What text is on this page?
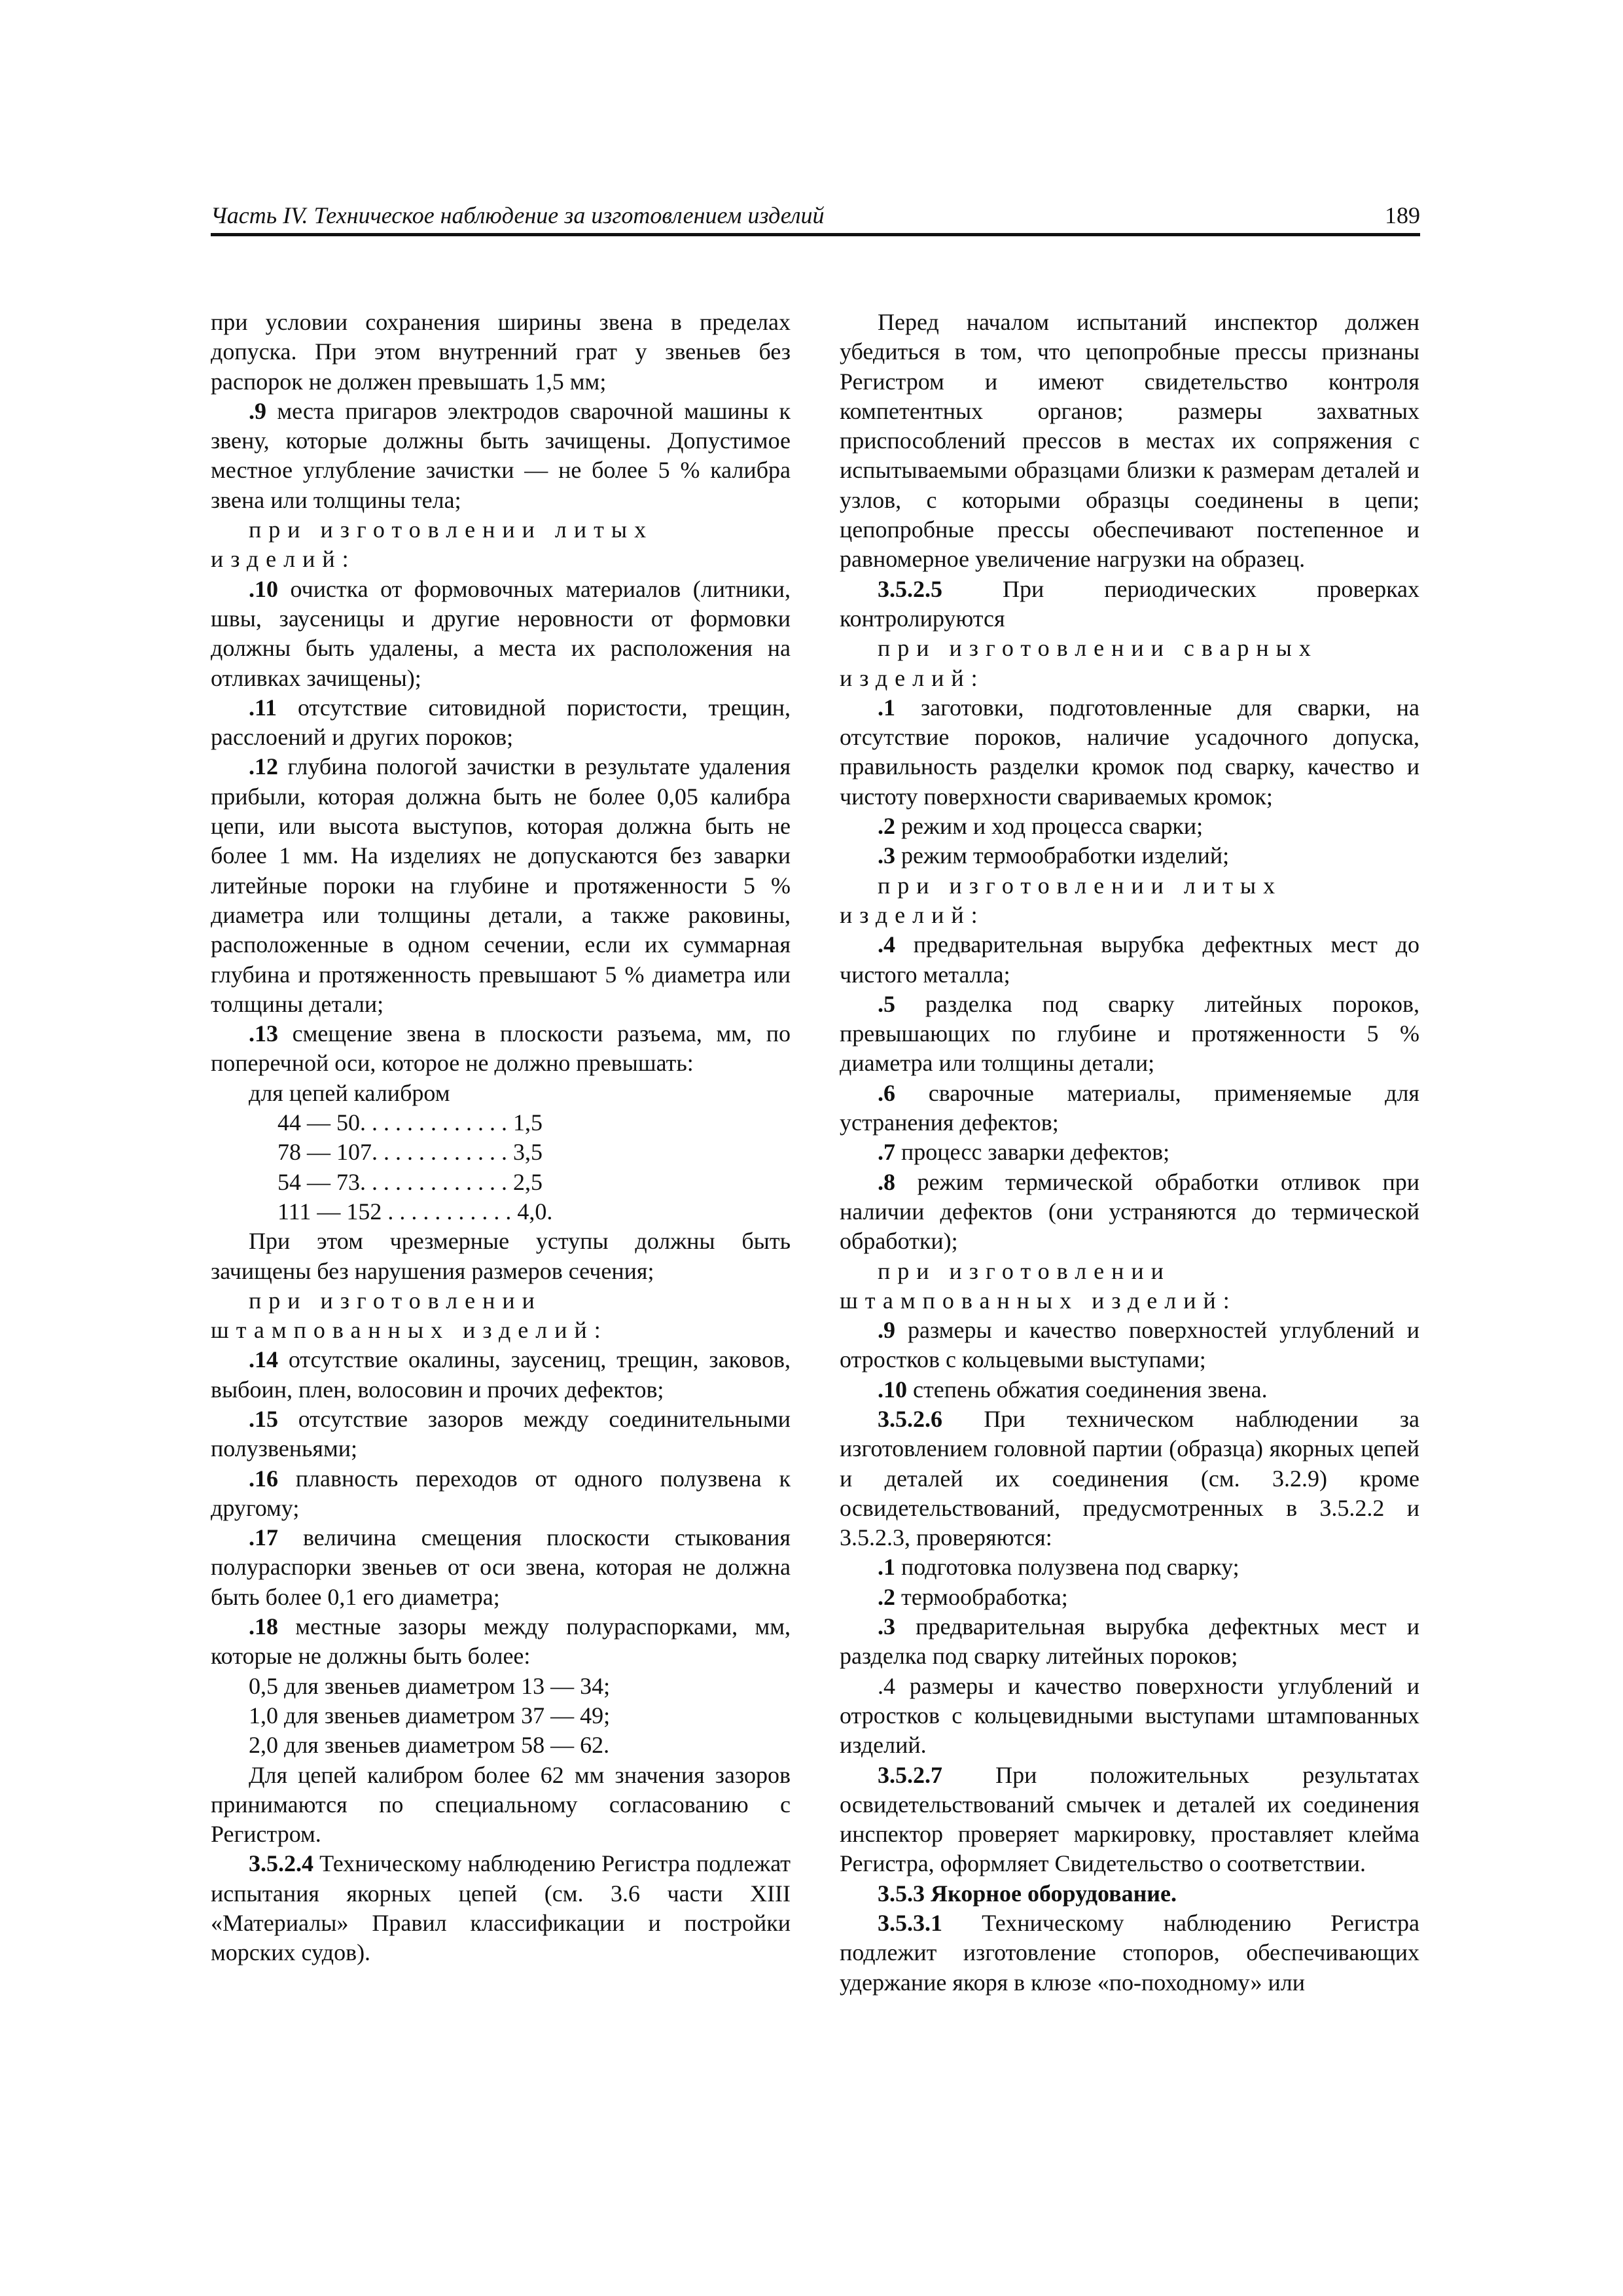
Часть IV. Техническое наблюдение за изготовлением изделий	189

при условии сохранения ширины звена в пределах допуска. При этом внутренний грат у звеньев без распорок не должен превышать 1,5 мм;

.9 места пригаров электродов сварочной машины к звену, которые должны быть зачищены. Допустимое местное углубление зачистки — не более 5 % калибра звена или толщины тела;

при изготовлении литых изделий:

.10 очистка от формовочных материалов (литники, швы, заусеницы и другие неровности от формовки должны быть удалены, а места их расположения на отливках зачищены);

.11 отсутствие ситовидной пористости, трещин, расслоений и других пороков;

.12 глубина пологой зачистки в результате удаления прибыли, которая должна быть не более 0,05 калибра цепи, или высота выступов, которая должна быть не более 1 мм. На изделиях не допускаются без заварки литейные пороки на глубине и протяженности 5 % диаметра или толщины детали, а также раковины, расположенные в одном сечении, если их суммарная глубина и протяженность превышают 5 % диаметра или толщины детали;

.13 смещение звена в плоскости разъема, мм, по поперечной оси, которое не должно превышать:

для цепей калибром

44 — 50. . . . . . . . . . . . . 1,5

78 — 107. . . . . . . . . . . . 3,5

54 — 73. . . . . . . . . . . . . 2,5

111 — 152 . . . . . . . . . . . 4,0.

При этом чрезмерные уступы должны быть зачищены без нарушения размеров сечения;

при изготовлении штампованных изделий:

.14 отсутствие окалины, заусениц, трещин, заковов, выбоин, плен, волосовин и прочих дефектов;

.15 отсутствие зазоров между соединительными полузвеньями;

.16 плавность переходов от одного полузвена к другому;

.17 величина смещения плоскости стыкования полураспорки звеньев от оси звена, которая не должна быть более 0,1 его диаметра;

.18 местные зазоры между полураспорками, мм, которые не должны быть более:

0,5 для звеньев диаметром 13 — 34;

1,0 для звеньев диаметром 37 — 49;

2,0 для звеньев диаметром 58 — 62.

Для цепей калибром более 62 мм значения зазоров принимаются по специальному согласованию с Регистром.

3.5.2.4 Техническому наблюдению Регистра подлежат испытания якорных цепей (см. 3.6 части XIII «Материалы» Правил классификации и постройки морских судов).

Перед началом испытаний инспектор должен убедиться в том, что цепопробные прессы признаны Регистром и имеют свидетельство контроля компетентных органов; размеры захватных приспособлений прессов в местах их сопряжения с испытываемыми образцами близки к размерам деталей и узлов, с которыми образцы соединены в цепи; цепопробные прессы обеспечивают постепенное и равномерное увеличение нагрузки на образец.

3.5.2.5 При периодических проверках контролируются

при изготовлении сварных изделий:

.1 заготовки, подготовленные для сварки, на отсутствие пороков, наличие усадочного допуска, правильность разделки кромок под сварку, качество и чистоту поверхности свариваемых кромок;

.2 режим и ход процесса сварки;

.3 режим термообработки изделий;

при изготовлении литых изделий:

.4 предварительная вырубка дефектных мест до чистого металла;

.5 разделка под сварку литейных пороков, превышающих по глубине и протяженности 5 % диаметра или толщины детали;

.6 сварочные материалы, применяемые для устранения дефектов;

.7 процесс заварки дефектов;

.8 режим термической обработки отливок при наличии дефектов (они устраняются до термической обработки);

при изготовлении штампованных изделий:

.9 размеры и качество поверхностей углублений и отростков с кольцевыми выступами;

.10 степень обжатия соединения звена.

3.5.2.6 При техническом наблюдении за изготовлением головной партии (образца) якорных цепей и деталей их соединения (см. 3.2.9) кроме освидетельствований, предусмотренных в 3.5.2.2 и 3.5.2.3, проверяются:

.1 подготовка полузвена под сварку;

.2 термообработка;

.3 предварительная вырубка дефектных мест и разделка под сварку литейных пороков;

.4 размеры и качество поверхности углублений и отростков с кольцевидными выступами штампованных изделий.

3.5.2.7 При положительных результатах освидетельствований смычек и деталей их соединения инспектор проверяет маркировку, проставляет клейма Регистра, оформляет Свидетельство о соответствии.

3.5.3 Якорное оборудование.

3.5.3.1 Техническому наблюдению Регистра подлежит изготовление стопоров, обеспечивающих удержание якоря в клюзе «по-походному» или
